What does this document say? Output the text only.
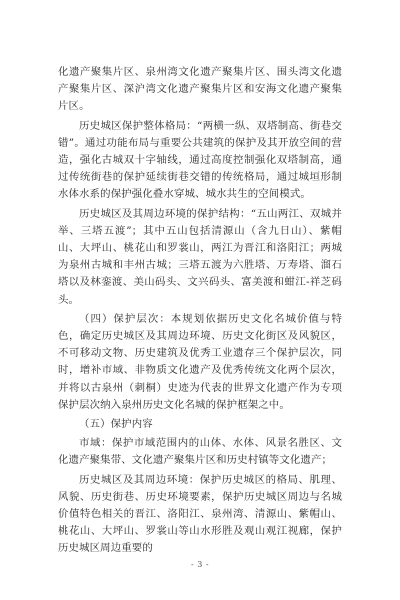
化遗产聚集片区、泉州湾文化遗产聚集片区、围头湾文化遗产聚集片区、深沪湾文化遗产聚集片区和安海文化遗产聚集片区。

历史城区保护整体格局：“两横一纵、双塔制高、街巷交错”。通过功能布局与重要公共建筑的保护及其开放空间的营造，强化古城双十字轴线，通过高度控制强化双塔制高，通过传统街巷的保护延续街巷交错的传统格局，通过城垣形制水体水系的保护强化叠水穿城、城水共生的空间模式。

历史城区及其周边环境的保护结构：“五山两江、双城并举、三塔五渡”；其中五山包括清源山（含九日山）、紫帽山、大坪山、桃花山和罗裳山，两江为晋江和洛阳江；两城为泉州古城和丰州古城；三塔五渡为六胜塔、万寿塔、溜石塔以及林銮渡、美山码头、文兴码头、富美渡和蚶江-祥芝码头。

（四）保护层次：本规划依据历史文化名城价值与特色，确定历史城区及其周边环境、历史文化街区及风貌区，不可移动文物、历史建筑及优秀工业遗存三个保护层次，同时，增补市域、非物质文化遗产及优秀传统文化两个层次，并将以古泉州（刺桐）史迹为代表的世界文化遗产作为专项保护层次纳入泉州历史文化名城的保护框架之中。

（五）保护内容

市域：保护市域范围内的山体、水体、风景名胜区、文化遗产聚集带、文化遗产聚集片区和历史村镇等文化遗产；

历史城区及其周边环境：保护历史城区的格局、肌理、风貌、历史街巷、历史环境要素，保护历史城区周边与名城价值特色相关的晋江、洛阳江、泉州湾、清源山、紫帽山、桃花山、大坪山、罗裳山等山水形胜及观山观江视廊，保护历史城区周边重要的

- 3 -
